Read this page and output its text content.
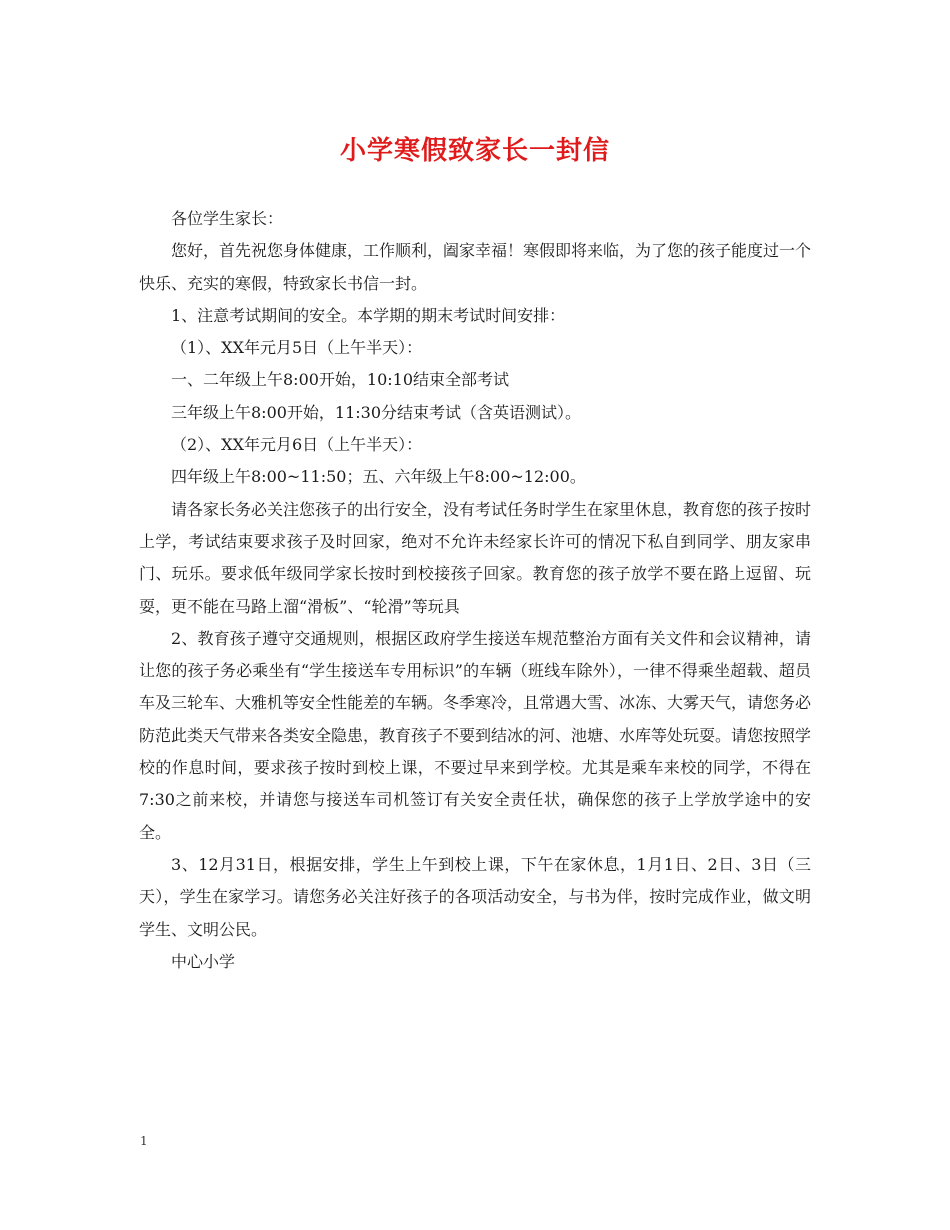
小学寒假致家长一封信

各位学生家长：

您好，首先祝您身体健康，工作顺利，阖家幸福！寒假即将来临，为了您的孩子能度过一个快乐、充实的寒假，特致家长书信一封。

1、注意考试期间的安全。本学期的期末考试时间安排：

（1）、XX年元月5日（上午半天）：

一、二年级上午8:00开始，10:10结束全部考试

三年级上午8:00开始，11:30分结束考试（含英语测试）。

（2）、XX年元月6日（上午半天）：

四年级上午8:00~11:50；五、六年级上午8:00~12:00。

请各家长务必关注您孩子的出行安全，没有考试任务时学生在家里休息，教育您的孩子按时上学，考试结束要求孩子及时回家，绝对不允许未经家长许可的情况下私自到同学、朋友家串门、玩乐。要求低年级同学家长按时到校接孩子回家。教育您的孩子放学不要在路上逗留、玩耍，更不能在马路上溜“滑板”、“轮滑”等玩具

2、教育孩子遵守交通规则，根据区政府学生接送车规范整治方面有关文件和会议精神，请让您的孩子务必乘坐有“学生接送车专用标识”的车辆（班线车除外），一律不得乘坐超载、超员车及三轮车、大雅机等安全性能差的车辆。冬季寒冷，且常遇大雪、冰冻、大雾天气，请您务必防范此类天气带来各类安全隐患，教育孩子不要到结冰的河、池塘、水库等处玩耍。请您按照学校的作息时间，要求孩子按时到校上课，不要过早来到学校。尤其是乘车来校的同学，不得在7:30之前来校，并请您与接送车司机签订有关安全责任状，确保您的孩子上学放学途中的安全。

3、12月31日，根据安排，学生上午到校上课，下午在家休息，1月1日、2日、3日（三天），学生在家学习。请您务必关注好孩子的各项活动安全，与书为伴，按时完成作业，做文明学生、文明公民。

中心小学

1
